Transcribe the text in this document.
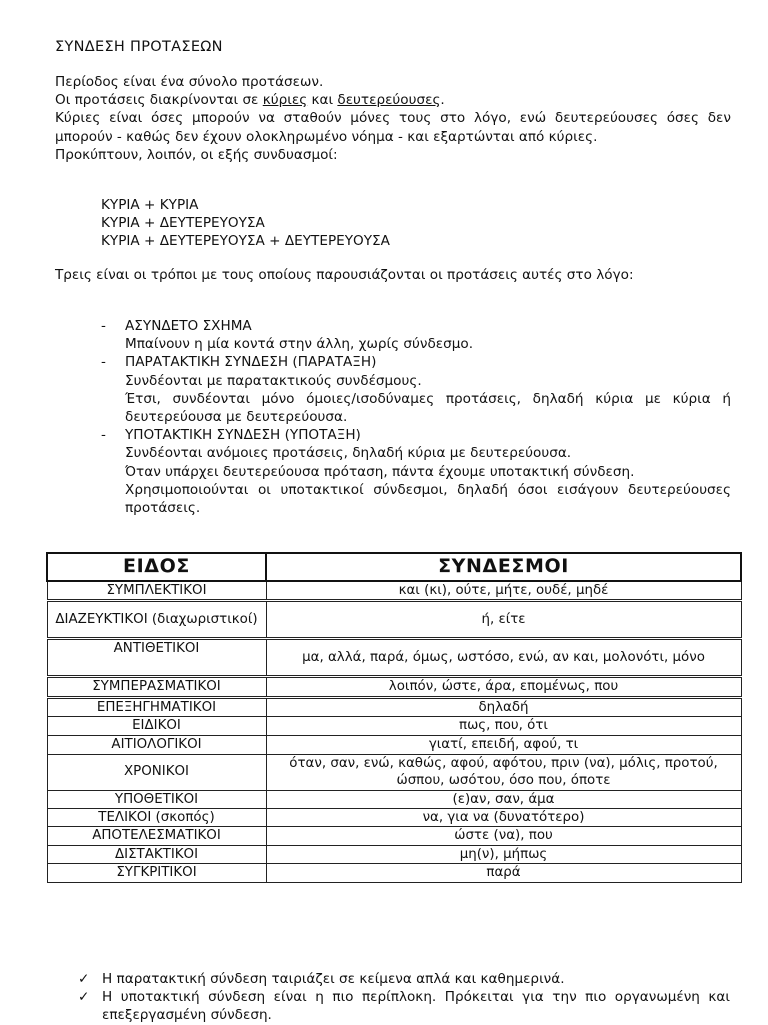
ΣΥΝΔΕΣΗ ΠΡΟΤΑΣΕΩΝ

Περίοδος είναι ένα σύνολο προτάσεων.

Οι προτάσεις διακρίνονται σε κύριες και δευτερεύουσες.

Κύριες είναι όσες μπορούν να σταθούν μόνες τους στο λόγο, ενώ δευτερεύουσες όσες δεν μπορούν - καθώς δεν έχουν ολοκληρωμένο νόημα - και εξαρτώνται από κύριες.

Προκύπτουν, λοιπόν, οι εξής συνδυασμοί:

ΚΥΡΙΑ + ΚΥΡΙΑ
ΚΥΡΙΑ + ΔΕΥΤΕΡΕΥΟΥΣΑ
ΚΥΡΙΑ + ΔΕΥΤΕΡΕΥΟΥΣΑ + ΔΕΥΤΕΡΕΥΟΥΣΑ
Τρεις είναι οι τρόποι με τους οποίους παρουσιάζονται οι προτάσεις αυτές στο λόγο:
- ΑΣΥΝΔΕΤΟ ΣΧΗΜΑ

Μπαίνουν η μία κοντά στην άλλη, χωρίς σύνδεσμο.

- ΠΑΡΑΤΑΚΤΙΚΗ ΣΥΝΔΕΣΗ (ΠΑΡΑΤΑΞΗ)

Συνδέονται με παρατακτικούς συνδέσμους.

Έτσι, συνδέονται μόνο όμοιες/ισοδύναμες προτάσεις, δηλαδή κύρια με κύρια ή δευτερεύουσα με δευτερεύουσα.

- ΥΠΟΤΑΚΤΙΚΗ ΣΥΝΔΕΣΗ (ΥΠΟΤΑΞΗ)

Συνδέονται ανόμοιες προτάσεις, δηλαδή κύρια με δευτερεύουσα.

Όταν υπάρχει δευτερεύουσα πρόταση, πάντα έχουμε υποτακτική σύνδεση.

Χρησιμοποιούνται οι υποτακτικοί σύνδεσμοι, δηλαδή όσοι εισάγουν δευτερεύουσες προτάσεις.

ΕΙΔΟΣ	ΣΥΝΔΕΣΜΟΙ
ΣΥΜΠΛΕΚΤΙΚΟΙ	και (κι), ούτε, μήτε, ουδέ, μηδέ
ΔΙΑΖΕΥΚΤΙΚΟΙ (διαχωριστικοί)	ή, είτε
ΑΝΤΙΘΕΤΙΚΟΙ	μα, αλλά, παρά, όμως, ωστόσο, ενώ, αν και, μολονότι, μόνο
ΣΥΜΠΕΡΑΣΜΑΤΙΚΟΙ	λοιπόν, ώστε, άρα, επομένως, που
ΕΠΕΞΗΓΗΜΑΤΙΚΟΙ	δηλαδή
ΕΙΔΙΚΟΙ	πως, που, ότι
ΑΙΤΙΟΛΟΓΙΚΟΙ	γιατί, επειδή, αφού, τι
ΧΡΟΝΙΚΟΙ	όταν, σαν, ενώ, καθώς, αφού, αφότου, πριν (να), μόλις, προτού, ώσπου, ωσότου, όσο που, όποτε
ΥΠΟΘΕΤΙΚΟΙ	(ε)αν, σαν, άμα
ΤΕΛΙΚΟΙ (σκοπός)	να, για να (δυνατότερο)
ΑΠΟΤΕΛΕΣΜΑΤΙΚΟΙ	ώστε (να), που
ΔΙΣΤΑΚΤΙΚΟΙ	μη(ν), μήπως
ΣΥΓΚΡΙΤΙΚΟΙ	παρά
✓ Η παρατακτική σύνδεση ταιριάζει σε κείμενα απλά και καθημερινά.
✓ Η υποτακτική σύνδεση είναι η πιο περίπλοκη. Πρόκειται για την πιο οργανωμένη και επεξεργασμένη σύνδεση.
